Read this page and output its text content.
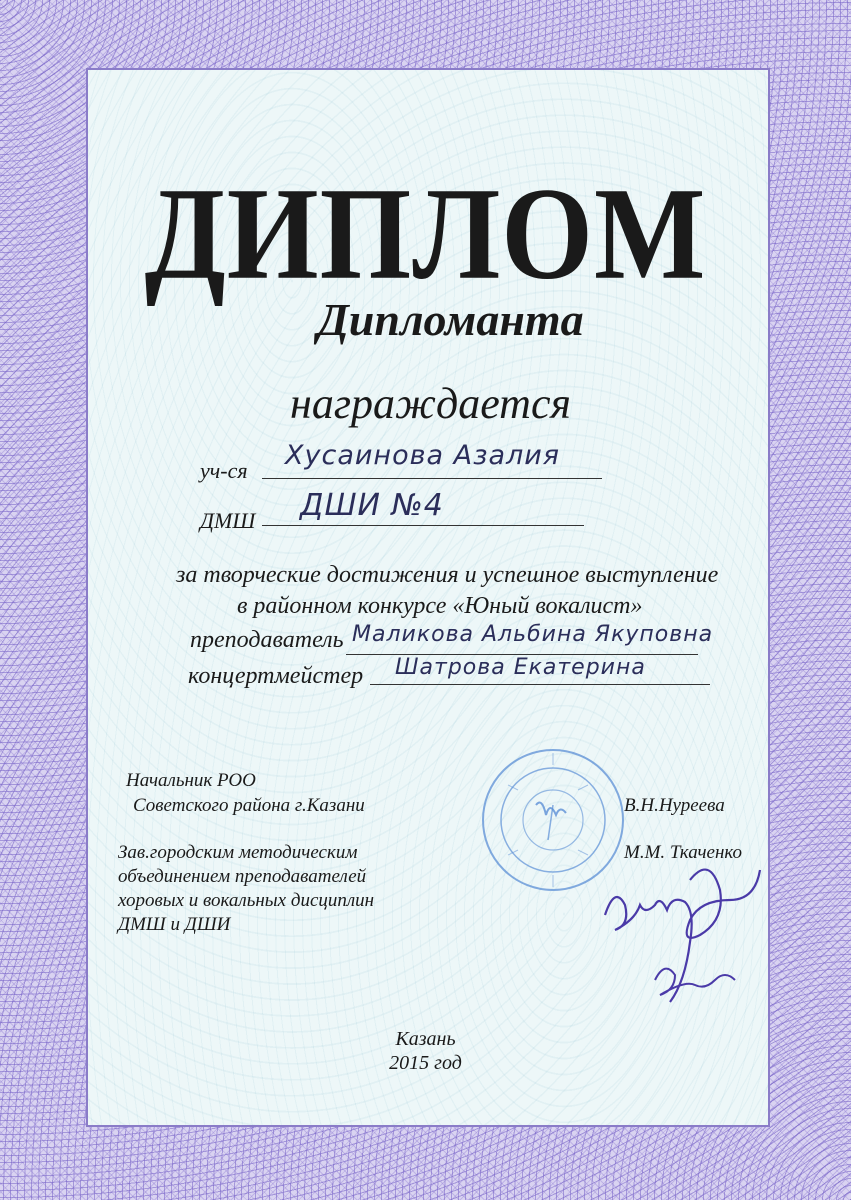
ДИПЛОМ
Дипломанта
награждается
уч-ся Хусаинова Азалия
ДМШ ДШИ №4
за творческие достижения и успешное выступление
в районном конкурсе «Юный вокалист»
преподаватель Маликова Альбина Якуповна
концертмейстер Шатрова Екатерина
Начальник РОО
Советского района г.Казани	В.Н.Нуреева
Зав.городским методическим
объединением преподавателей
хоровых и вокальных дисциплин
ДМШ и ДШИ
М.М. Ткаченко
Казань
2015 год
